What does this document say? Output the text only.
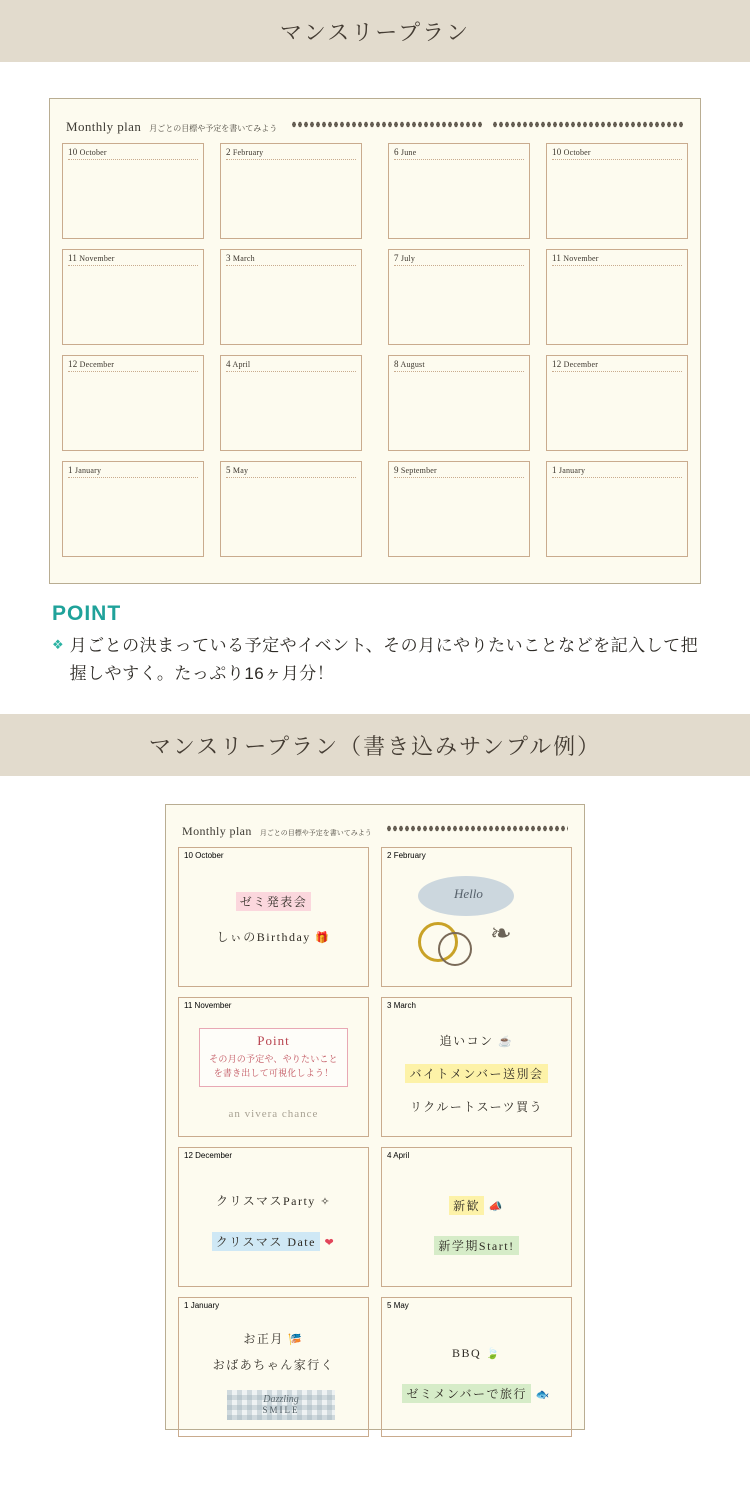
マンスリープラン
Monthly plan 月ごとの目標や予定を書いてみよう
10 October	2 February
11 November	3 March
12 December	4 April
1 January	5 May
6 June	10 October
7 July	11 November
8 August	12 December
9 September	1 January
POINT
❖ 月ごとの決まっている予定やイベント、その月にやりたいことなどを記入して把握しやすく。たっぷり16ヶ月分！
マンスリープラン（書き込みサンプル例）
Monthly plan 月ごとの目標や予定を書いてみよう
10 October
ゼミ発表会
しぃのBirthday 🎁
2 February
Hello
❧
11 November
an vivera chance
Point
その月の予定や、やりたいことを書き出して可視化しよう！
3 March
追いコン ☕
バイトメンバー送別会
リクルートスーツ買う
12 December
クリスマスParty ✧
クリスマス Date ❤
4 April
新歓 📣
新学期Start!
1 January
お正月 🎏
おばあちゃん家行く
Dazzling
SMILE
5 May
BBQ 🍃
ゼミメンバーで旅行 🐟
